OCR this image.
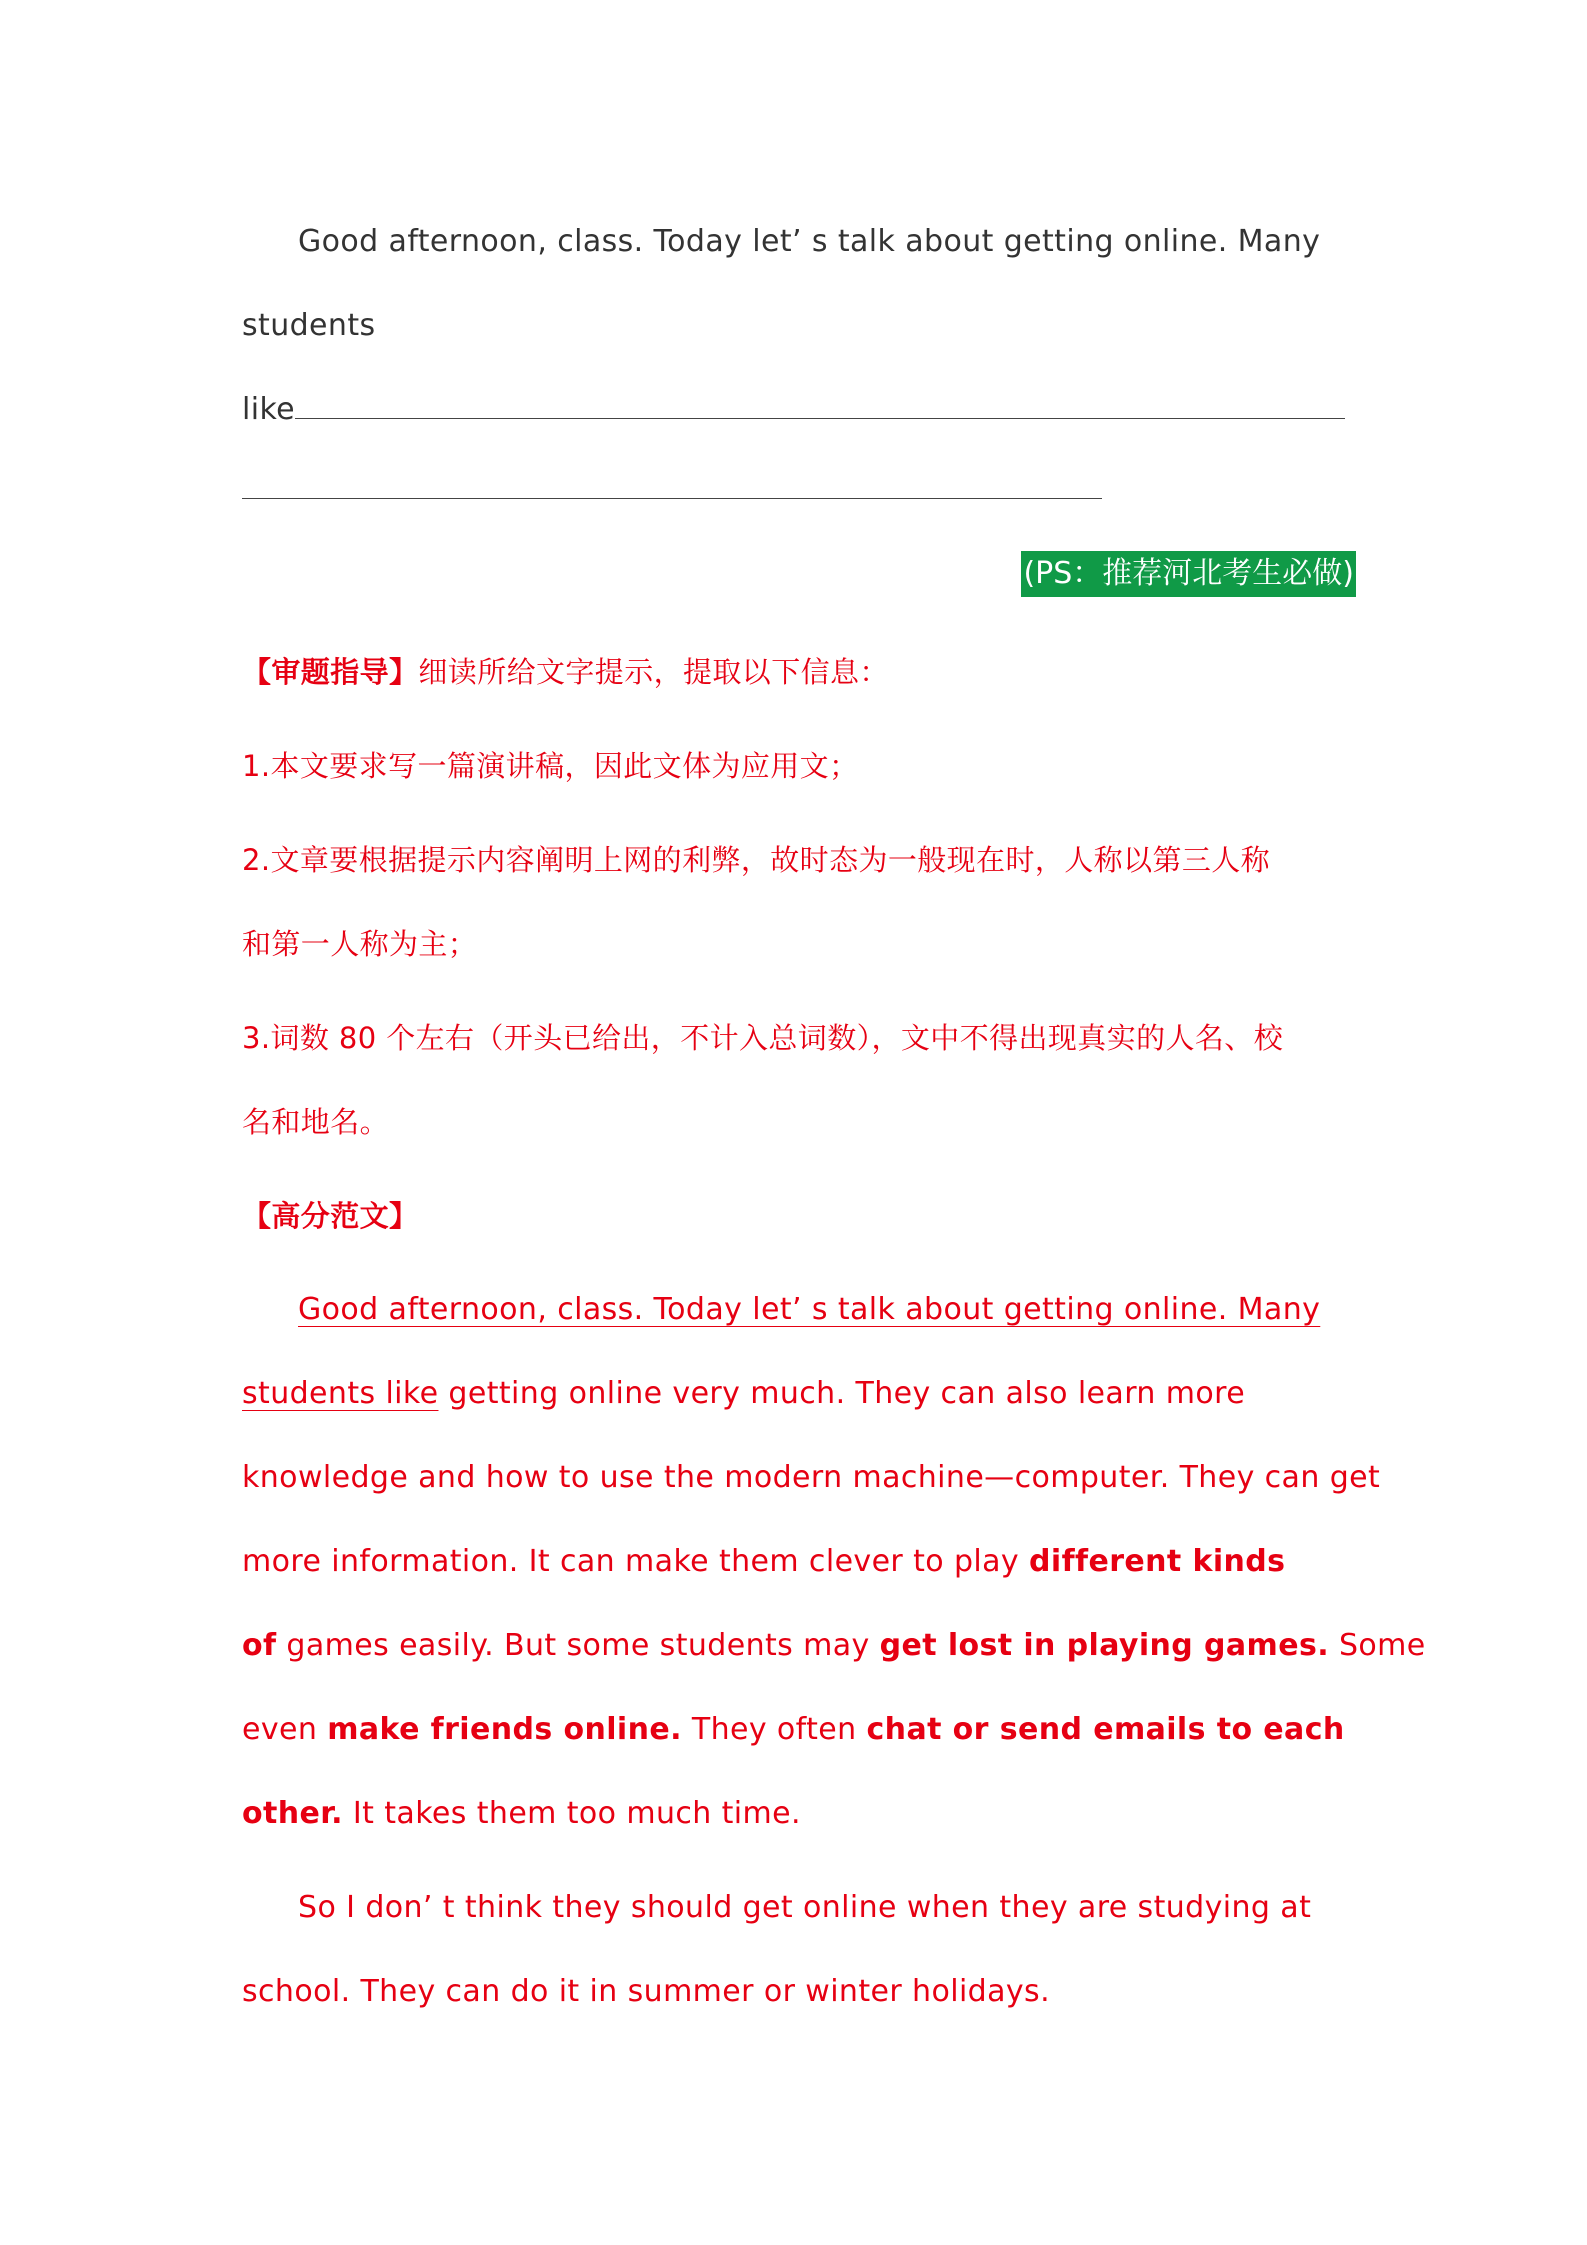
Good afternoon, class. Today let’ s talk about getting online. Many
students
like
(PS：推荐河北考生必做)
【审题指导】细读所给文字提示，提取以下信息：
1.本文要求写一篇演讲稿，因此文体为应用文；
2.文章要根据提示内容阐明上网的利弊，故时态为一般现在时，人称以第三人称
和第一人称为主；
3.词数 80 个左右（开头已给出，不计入总词数），文中不得出现真实的人名、校
名和地名。
【高分范文】
Good afternoon, class. Today let’ s talk about getting online. Many
students like getting online very much. They can also learn more
knowledge and how to use the modern machine—computer. They can get
more information. It can make them clever to play different kinds
of games easily. But some students may get lost in playing games. Some
even make friends online. They often chat or send emails to each
other. It takes them too much time.
So I don’ t think they should get online when they are studying at
school. They can do it in summer or winter holidays.
